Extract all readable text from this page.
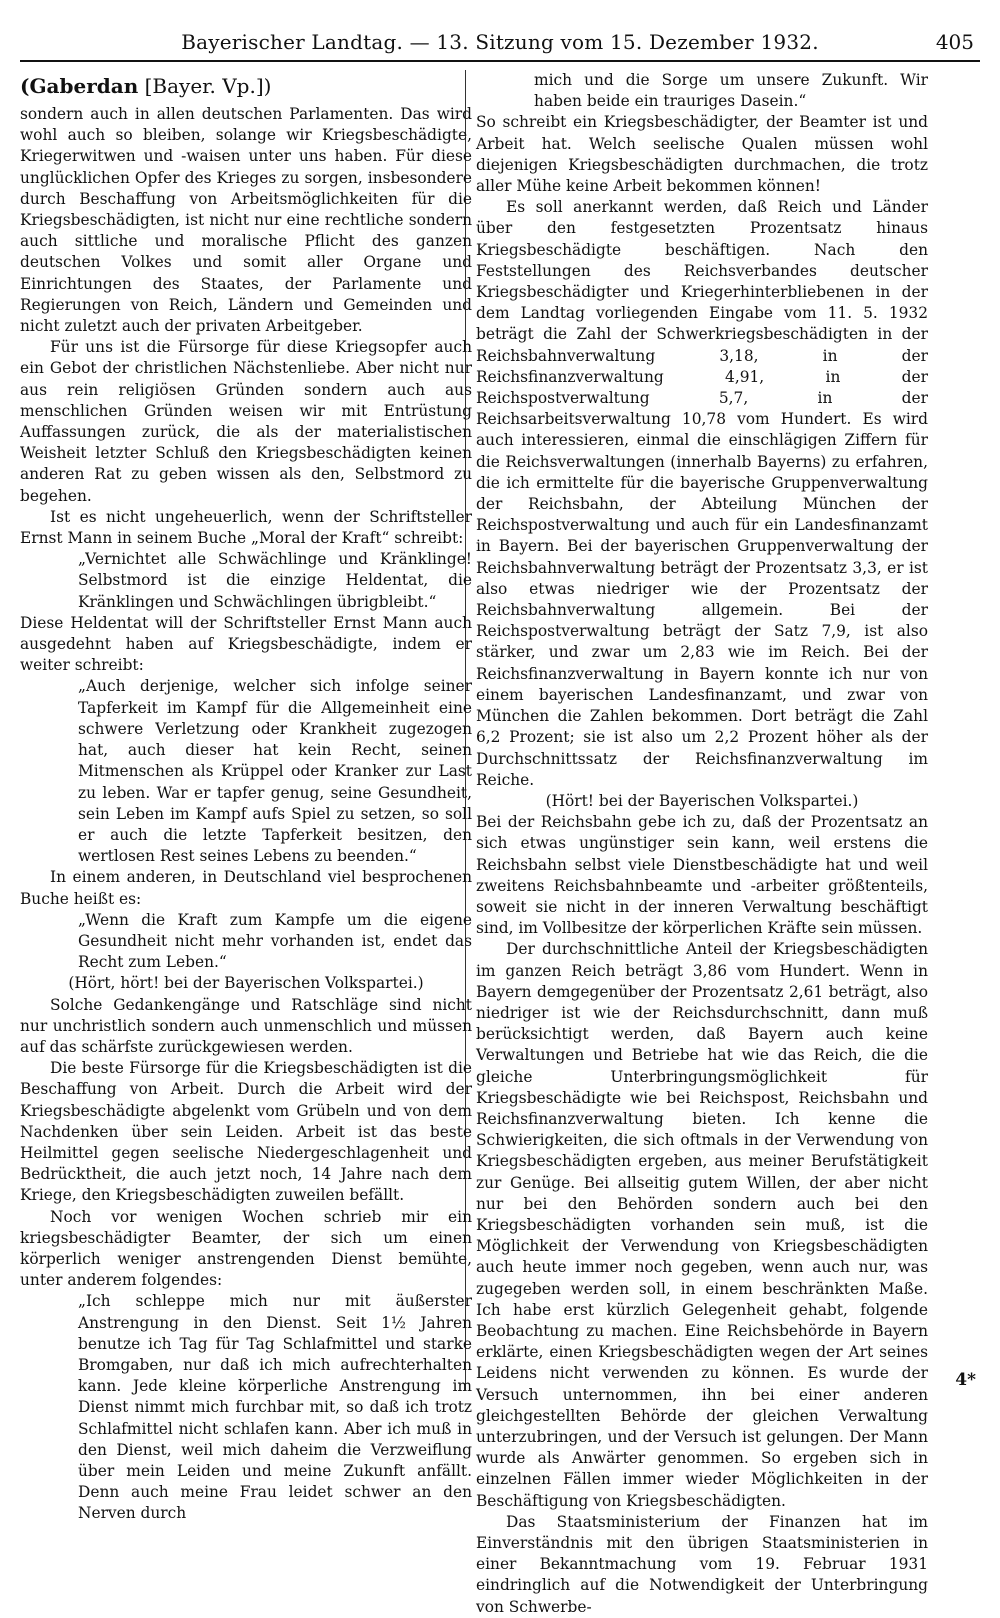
Bayerischer Landtag. — 13. Sitzung vom 15. Dezember 1932.	405
(Gaberdan [Bayer. Vp.])

sondern auch in allen deutschen Parlamenten. Das wird wohl auch so bleiben, solange wir Kriegsbeschädigte, Kriegerwitwen und -waisen unter uns haben. Für diese unglücklichen Opfer des Krieges zu sorgen, insbesondere durch Beschaffung von Arbeitsmöglichkeiten für die Kriegsbeschädigten, ist nicht nur eine rechtliche sondern auch sittliche und moralische Pflicht des ganzen deutschen Volkes und somit aller Organe und Einrichtungen des Staates, der Parlamente und Regierungen von Reich, Ländern und Gemeinden und nicht zuletzt auch der privaten Arbeitgeber.

Für uns ist die Fürsorge für diese Kriegsopfer auch ein Gebot der christlichen Nächstenliebe. Aber nicht nur aus rein religiösen Gründen sondern auch aus menschlichen Gründen weisen wir mit Entrüstung Auffassungen zurück, die als der materialistischen Weisheit letzter Schluß den Kriegsbeschädigten keinen anderen Rat zu geben wissen als den, Selbstmord zu begehen.

Ist es nicht ungeheuerlich, wenn der Schriftsteller Ernst Mann in seinem Buche „Moral der Kraft“ schreibt:

„Vernichtet alle Schwächlinge und Kränklinge! Selbstmord ist die einzige Heldentat, die Kränklingen und Schwächlingen übrigbleibt.“

Diese Heldentat will der Schriftsteller Ernst Mann auch ausgedehnt haben auf Kriegsbeschädigte, indem er weiter schreibt:

„Auch derjenige, welcher sich infolge seiner Tapferkeit im Kampf für die Allgemeinheit eine schwere Verletzung oder Krankheit zugezogen hat, auch dieser hat kein Recht, seinen Mitmenschen als Krüppel oder Kranker zur Last zu leben. War er tapfer genug, seine Gesundheit, sein Leben im Kampf aufs Spiel zu setzen, so soll er auch die letzte Tapferkeit besitzen, den wertlosen Rest seines Lebens zu beenden.“

In einem anderen, in Deutschland viel besprochenen Buche heißt es:

„Wenn die Kraft zum Kampfe um die eigene Gesundheit nicht mehr vorhanden ist, endet das Recht zum Leben.“

(Hört, hört! bei der Bayerischen Volkspartei.)

Solche Gedankengänge und Ratschläge sind nicht nur unchristlich sondern auch unmenschlich und müssen auf das schärfste zurückgewiesen werden.

Die beste Fürsorge für die Kriegsbeschädigten ist die Beschaffung von Arbeit. Durch die Arbeit wird der Kriegsbeschädigte abgelenkt vom Grübeln und von dem Nachdenken über sein Leiden. Arbeit ist das beste Heilmittel gegen seelische Niedergeschlagenheit und Bedrücktheit, die auch jetzt noch, 14 Jahre nach dem Kriege, den Kriegsbeschädigten zuweilen befällt.

Noch vor wenigen Wochen schrieb mir ein kriegsbeschädigter Beamter, der sich um einen körperlich weniger anstrengenden Dienst bemühte, unter anderem folgendes:

„Ich schleppe mich nur mit äußerster Anstrengung in den Dienst. Seit 1½ Jahren benutze ich Tag für Tag Schlafmittel und starke Bromgaben, nur daß ich mich aufrechterhalten kann. Jede kleine körperliche Anstrengung im Dienst nimmt mich furchbar mit, so daß ich trotz Schlafmittel nicht schlafen kann. Aber ich muß in den Dienst, weil mich daheim die Verzweiflung über mein Leiden und meine Zukunft anfällt. Denn auch meine Frau leidet schwer an den Nerven durch

mich und die Sorge um unsere Zukunft. Wir haben beide ein trauriges Dasein.“

So schreibt ein Kriegsbeschädigter, der Beamter ist und Arbeit hat. Welch seelische Qualen müssen wohl diejenigen Kriegsbeschädigten durchmachen, die trotz aller Mühe keine Arbeit bekommen können!

Es soll anerkannt werden, daß Reich und Länder über den festgesetzten Prozentsatz hinaus Kriegsbeschädigte beschäftigen. Nach den Feststellungen des Reichsverbandes deutscher Kriegsbeschädigter und Kriegerhinterbliebenen in der dem Landtag vorliegenden Eingabe vom 11. 5. 1932 beträgt die Zahl der Schwerkriegsbeschädigten in der Reichsbahnverwaltung 3,18, in der Reichsfinanzverwaltung 4,91, in der Reichspostverwaltung 5,7, in der Reichsarbeitsverwaltung 10,78 vom Hundert. Es wird auch interessieren, einmal die einschlägigen Ziffern für die Reichsverwaltungen (innerhalb Bayerns) zu erfahren, die ich ermittelte für die bayerische Gruppenverwaltung der Reichsbahn, der Abteilung München der Reichspostverwaltung und auch für ein Landesfinanzamt in Bayern. Bei der bayerischen Gruppenverwaltung der Reichsbahnverwaltung beträgt der Prozentsatz 3,3, er ist also etwas niedriger wie der Prozentsatz der Reichsbahnverwaltung allgemein. Bei der Reichspostverwaltung beträgt der Satz 7,9, ist also stärker, und zwar um 2,83 wie im Reich. Bei der Reichsfinanzverwaltung in Bayern konnte ich nur von einem bayerischen Landesfinanzamt, und zwar von München die Zahlen bekommen. Dort beträgt die Zahl 6,2 Prozent; sie ist also um 2,2 Prozent höher als der Durchschnittssatz der Reichsfinanzverwaltung im Reiche.

(Hört! bei der Bayerischen Volkspartei.)

Bei der Reichsbahn gebe ich zu, daß der Prozentsatz an sich etwas ungünstiger sein kann, weil erstens die Reichsbahn selbst viele Dienstbeschädigte hat und weil zweitens Reichsbahnbeamte und -arbeiter größtenteils, soweit sie nicht in der inneren Verwaltung beschäftigt sind, im Vollbesitze der körperlichen Kräfte sein müssen.

Der durchschnittliche Anteil der Kriegsbeschädigten im ganzen Reich beträgt 3,86 vom Hundert. Wenn in Bayern demgegenüber der Prozentsatz 2,61 beträgt, also niedriger ist wie der Reichsdurchschnitt, dann muß berücksichtigt werden, daß Bayern auch keine Verwaltungen und Betriebe hat wie das Reich, die die gleiche Unterbringungsmöglichkeit für Kriegsbeschädigte wie bei Reichspost, Reichsbahn und Reichsfinanzverwaltung bieten. Ich kenne die Schwierigkeiten, die sich oftmals in der Verwendung von Kriegsbeschädigten ergeben, aus meiner Berufstätigkeit zur Genüge. Bei allseitig gutem Willen, der aber nicht nur bei den Behörden sondern auch bei den Kriegsbeschädigten vorhanden sein muß, ist die Möglichkeit der Verwendung von Kriegsbeschädigten auch heute immer noch gegeben, wenn auch nur, was zugegeben werden soll, in einem beschränkten Maße. Ich habe erst kürzlich Gelegenheit gehabt, folgende Beobachtung zu machen. Eine Reichsbehörde in Bayern erklärte, einen Kriegsbeschädigten wegen der Art seines Leidens nicht verwenden zu können. Es wurde der Versuch unternommen, ihn bei einer anderen gleichgestellten Behörde der gleichen Verwaltung unterzubringen, und der Versuch ist gelungen. Der Mann wurde als Anwärter genommen. So ergeben sich in einzelnen Fällen immer wieder Möglichkeiten in der Beschäftigung von Kriegsbeschädigten.

Das Staatsministerium der Finanzen hat im Einverständnis mit den übrigen Staatsministerien in einer Bekanntmachung vom 19. Februar 1931 eindringlich auf die Notwendigkeit der Unterbringung von Schwerbe-

4*
